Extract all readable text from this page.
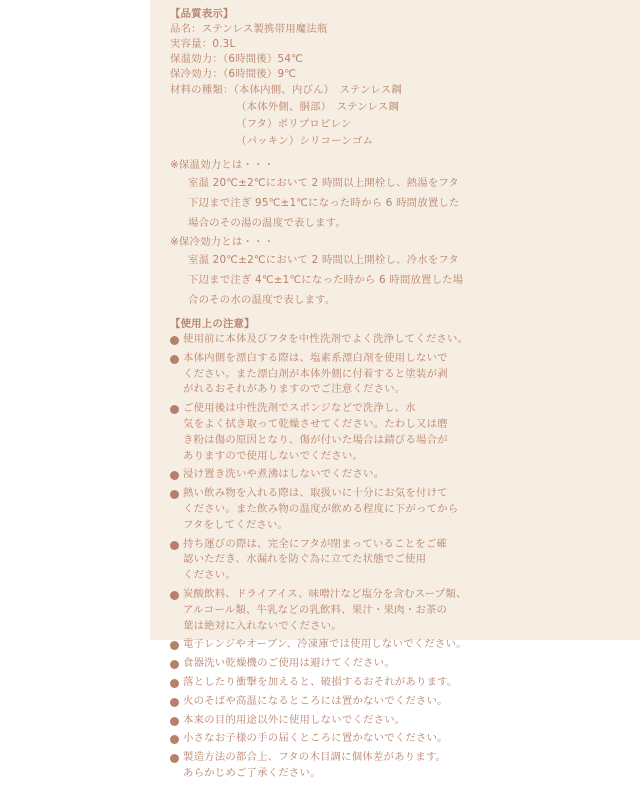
【品質表示】
品名：ステンレス製携帯用魔法瓶
実容量：0.3L
保温効力：（6時間後）54℃
保冷効力：（6時間後）9℃
材料の種類：（本体内側、内びん）　ステンレス鋼
（本体外側、胴部）　ステンレス鋼
（フタ）ポリプロピレン
（パッキン）シリコーンゴム
※保温効力とは・・・
室温 20℃±2℃において 2 時間以上開栓し、熱湯をフタ
下辺まで注ぎ 95℃±1℃になった時から 6 時間放置した
場合のその湯の温度で表します。
※保冷効力とは・・・
室温 20℃±2℃において 2 時間以上開栓し、冷水をフタ
下辺まで注ぎ 4℃±1℃になった時から 6 時間放置した場
合のその水の温度で表します。
【使用上の注意】
使用前に本体及びフタを中性洗剤でよく洗浄してください。
本体内側を漂白する際は、塩素系漂白剤を使用しないで
ください。また漂白剤が本体外側に付着すると塗装が剥
がれるおそれがありますのでご注意ください。
ご使用後は中性洗剤でスポンジなどで洗浄し、水
気をよく拭き取って乾燥させてください。たわし又は磨
き粉は傷の原因となり、傷が付いた場合は錆びる場合が
ありますので使用しないでください。
浸け置き洗いや煮沸はしないでください。
熱い飲み物を入れる際は、取扱いに十分にお気を付けて
ください。また飲み物の温度が飲める程度に下がってから
フタをしてください。
持ち運びの際は、完全にフタが閉まっていることをご確
認いただき、水漏れを防ぐ為に立てた状態でご使用
ください。
炭酸飲料、ドライアイス、味噌汁など塩分を含むスープ類、
アルコール類、牛乳などの乳飲料、果汁・果肉・お茶の
葉は絶対に入れないでください。
電子レンジやオーブン、冷凍庫では使用しないでください。
食器洗い乾燥機のご使用は避けてください。
落としたり衝撃を加えると、破損するおそれがあります。
火のそばや高温になるところには置かないでください。
本来の目的用途以外に使用しないでください。
小さなお子様の手の届くところに置かないでください。
製造方法の都合上、フタの木目調に個体差があります。
あらかじめご了承ください。
